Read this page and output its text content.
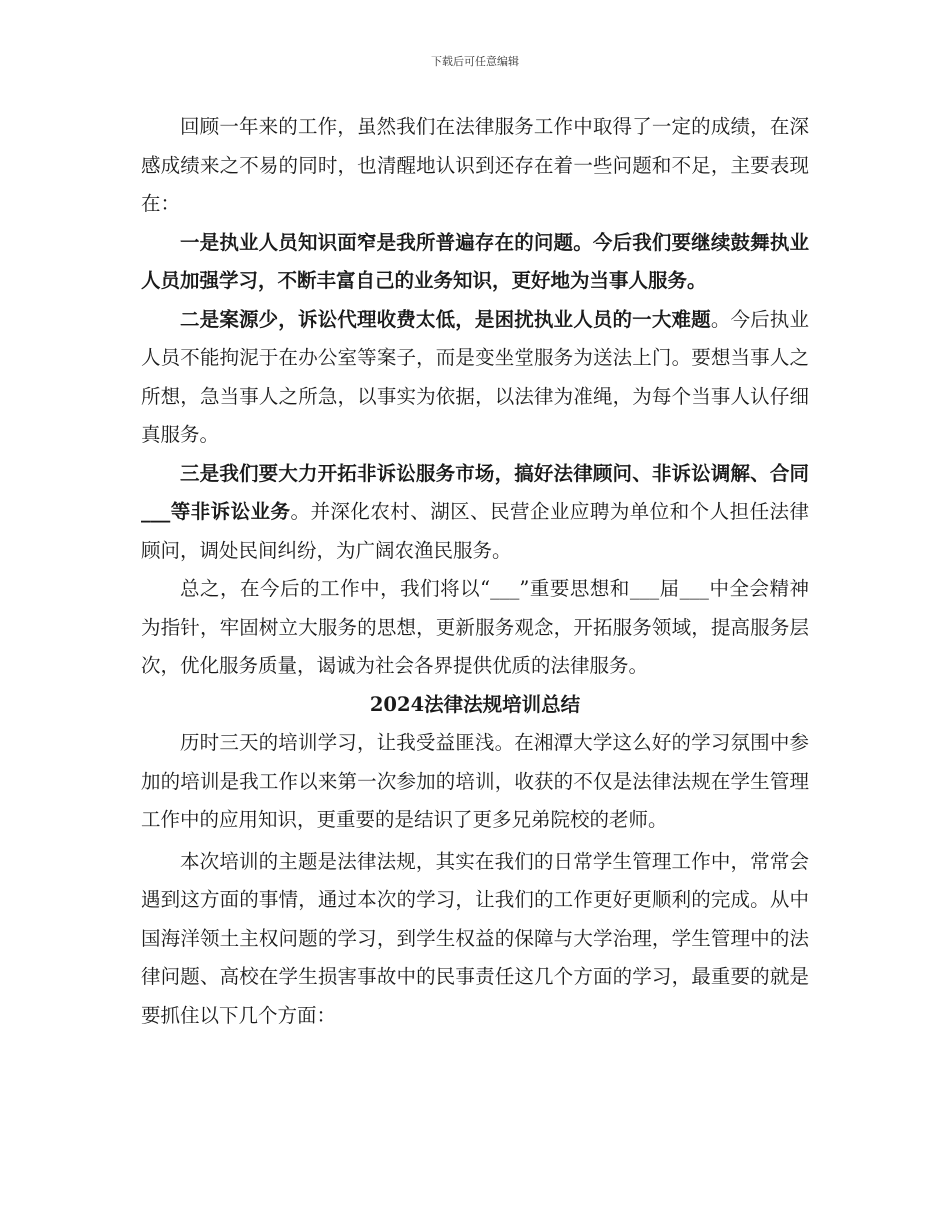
下载后可任意编辑

回顾一年来的工作，虽然我们在法律服务工作中取得了一定的成绩，在深感成绩来之不易的同时，也清醒地认识到还存在着一些问题和不足，主要表现在：

一是执业人员知识面窄是我所普遍存在的问题。今后我们要继续鼓舞执业人员加强学习，不断丰富自己的业务知识，更好地为当事人服务。

二是案源少，诉讼代理收费太低，是困扰执业人员的一大难题。今后执业人员不能拘泥于在办公室等案子，而是变坐堂服务为送法上门。要想当事人之所想，急当事人之所急，以事实为依据，以法律为准绳，为每个当事人认仔细真服务。

三是我们要大力开拓非诉讼服务市场，搞好法律顾问、非诉讼调解、合同___等非诉讼业务。并深化农村、湖区、民营企业应聘为单位和个人担任法律顾问，调处民间纠纷，为广阔农渔民服务。

总之，在今后的工作中，我们将以“___”重要思想和___届___中全会精神为指针，牢固树立大服务的思想，更新服务观念，开拓服务领域，提高服务层次，优化服务质量，谒诚为社会各界提供优质的法律服务。

2024法律法规培训总结

历时三天的培训学习，让我受益匪浅。在湘潭大学这么好的学习氛围中参加的培训是我工作以来第一次参加的培训，收获的不仅是法律法规在学生管理工作中的应用知识，更重要的是结识了更多兄弟院校的老师。

本次培训的主题是法律法规，其实在我们的日常学生管理工作中，常常会遇到这方面的事情，通过本次的学习，让我们的工作更好更顺利的完成。从中国海洋领土主权问题的学习，到学生权益的保障与大学治理，学生管理中的法律问题、高校在学生损害事故中的民事责任这几个方面的学习，最重要的就是要抓住以下几个方面：
